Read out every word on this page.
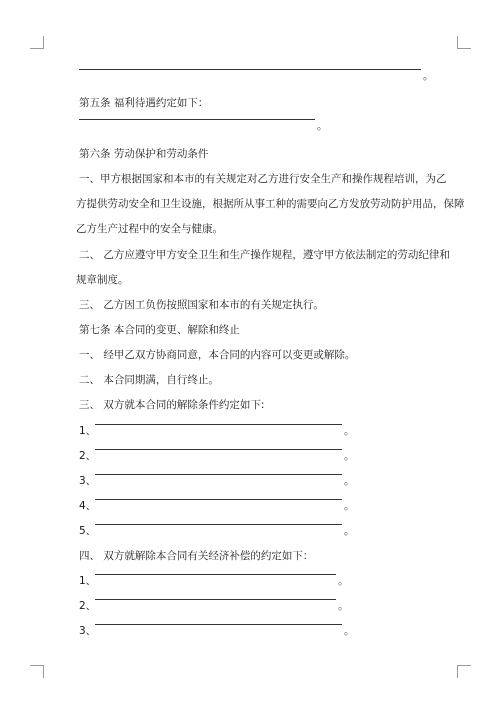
。
第五条 福利待遇约定如下：
。
第六条 劳动保护和劳动条件
一、甲方根据国家和本市的有关规定对乙方进行安全生产和操作规程培训，为乙
方提供劳动安全和卫生设施，根据所从事工种的需要向乙方发放劳动防护用品，保障
乙方生产过程中的安全与健康。
二、 乙方应遵守甲方安全卫生和生产操作规程，遵守甲方依法制定的劳动纪律和
规章制度。
三、 乙方因工负伤按照国家和本市的有关规定执行。
第七条 本合同的变更、解除和终止
一、 经甲乙双方协商同意，本合同的内容可以变更或解除。
二、 本合同期满，自行终止。
三、 双方就本合同的解除条件约定如下:
1、	。
2、	。
3、	。
4、	。
5、	。
四、 双方就解除本合同有关经济补偿的约定如下：
1、	。
2、	。
3、	。
